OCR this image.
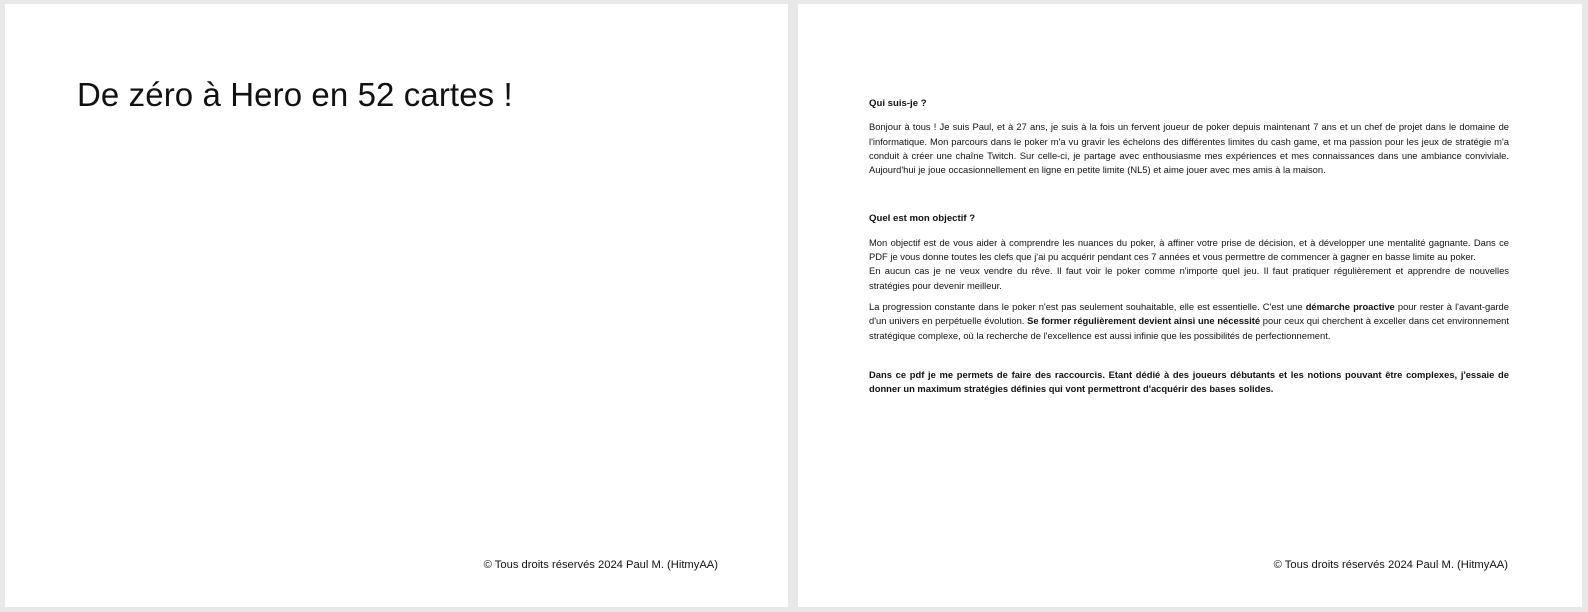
De zéro à Hero en 52 cartes !
© Tous droits réservés 2024 Paul M. (HitmyAA)
Qui suis-je ?

Bonjour à tous ! Je suis Paul, et à 27 ans, je suis à la fois un fervent joueur de poker depuis maintenant 7 ans et un chef de projet dans le domaine de l'informatique. Mon parcours dans le poker m'a vu gravir les échelons des différentes limites du cash game, et ma passion pour les jeux de stratégie m'a conduit à créer une chaîne Twitch. Sur celle-ci, je partage avec enthousiasme mes expériences et mes connaissances dans une ambiance conviviale. Aujourd'hui je joue occasionnellement en ligne en petite limite (NL5) et aime jouer avec mes amis à la maison.

Quel est mon objectif ?

Mon objectif est de vous aider à comprendre les nuances du poker, à affiner votre prise de décision, et à développer une mentalité gagnante. Dans ce PDF je vous donne toutes les clefs que j'ai pu acquérir pendant ces 7 années et vous permettre de commencer à gagner en basse limite au poker.

En aucun cas je ne veux vendre du rêve. Il faut voir le poker comme n'importe quel jeu. Il faut pratiquer régulièrement et apprendre de nouvelles stratégies pour devenir meilleur.

La progression constante dans le poker n'est pas seulement souhaitable, elle est essentielle. C'est une démarche proactive pour rester à l'avant-garde d'un univers en perpétuelle évolution. Se former régulièrement devient ainsi une nécessité pour ceux qui cherchent à exceller dans cet environnement stratégique complexe, où la recherche de l'excellence est aussi infinie que les possibilités de perfectionnement.

Dans ce pdf je me permets de faire des raccourcis. Etant dédié à des joueurs débutants et les notions pouvant être complexes, j'essaie de donner un maximum stratégies définies qui vont permettront d'acquérir des bases solides.

© Tous droits réservés 2024 Paul M. (HitmyAA)
